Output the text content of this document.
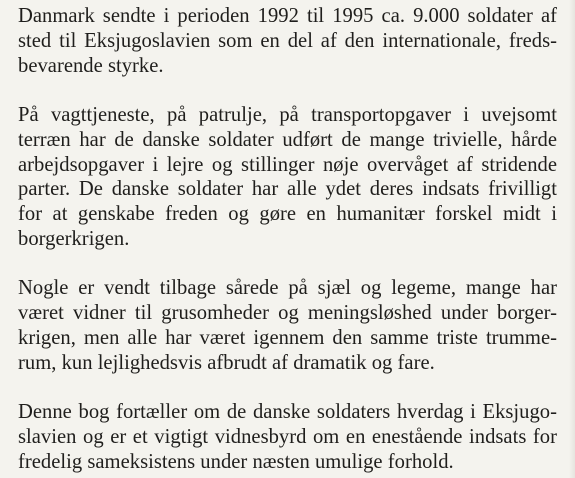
Danmark sendte i perioden 1992 til 1995 ca. 9.000 soldater af
sted til Eksjugoslavien som en del af den internationale, freds-
bevarende styrke.
På vagttjeneste, på patrulje, på transportopgaver i uvejsomt
terræn har de danske soldater udført de mange trivielle, hårde
arbejdsopgaver i lejre og stillinger nøje overvåget af stridende
parter. De danske soldater har alle ydet deres indsats frivilligt
for at genskabe freden og gøre en humanitær forskel midt i
borgerkrigen.
Nogle er vendt tilbage sårede på sjæl og legeme, mange har
været vidner til grusomheder og meningsløshed under borger-
krigen, men alle har været igennem den samme triste trumme-
rum, kun lejlighedsvis afbrudt af dramatik og fare.
Denne bog fortæller om de danske soldaters hverdag i Eksjugo-
slavien og er et vigtigt vidnesbyrd om en enestående indsats for
fredelig sameksistens under næsten umulige forhold.
